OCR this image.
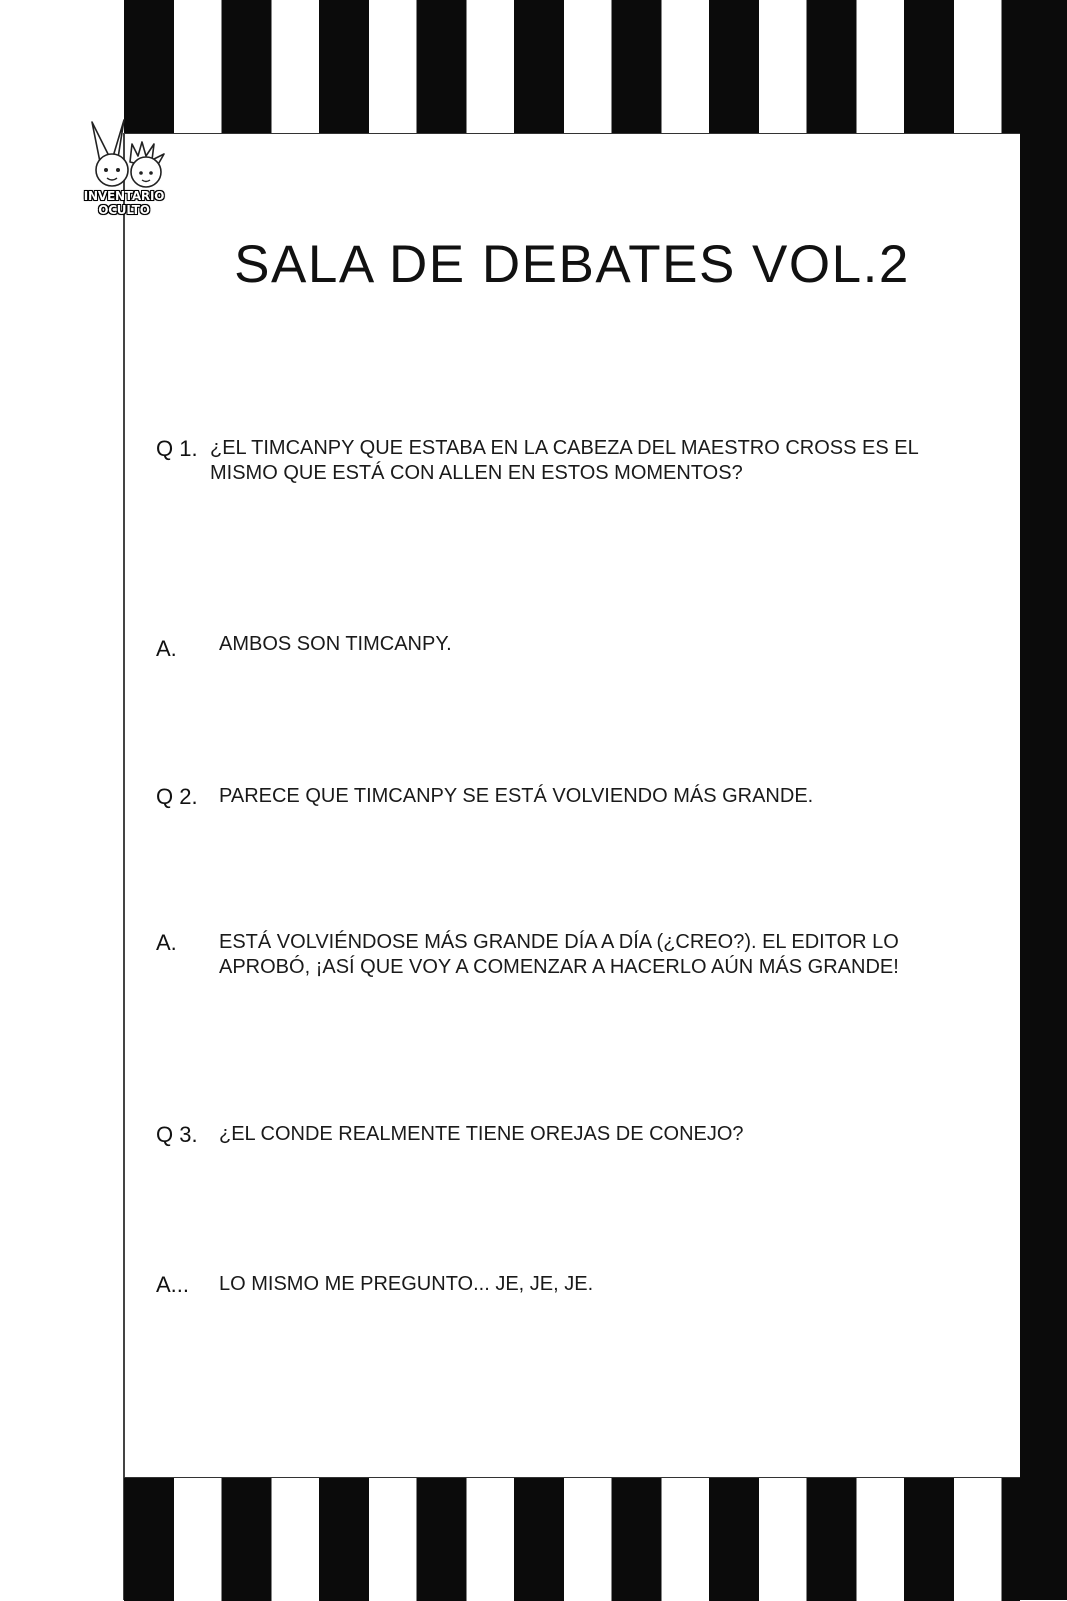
INVENTARIO
OCULTO
SALA DE DEBATES VOL.2
Q 1. ¿EL TIMCANPY QUE ESTABA EN LA CABEZA DEL MAESTRO CROSS ES EL MISMO QUE ESTÁ CON ALLEN EN ESTOS MOMENTOS?
A. AMBOS SON TIMCANPY.
Q 2. PARECE QUE TIMCANPY SE ESTÁ VOLVIENDO MÁS GRANDE.
A. ESTÁ VOLVIÉNDOSE MÁS GRANDE DÍA A DÍA (¿CREO?). EL EDITOR LO APROBÓ, ¡ASÍ QUE VOY A COMENZAR A HACERLO AÚN MÁS GRANDE!
Q 3. ¿EL CONDE REALMENTE TIENE OREJAS DE CONEJO?
A... LO MISMO ME PREGUNTO... JE, JE, JE.
